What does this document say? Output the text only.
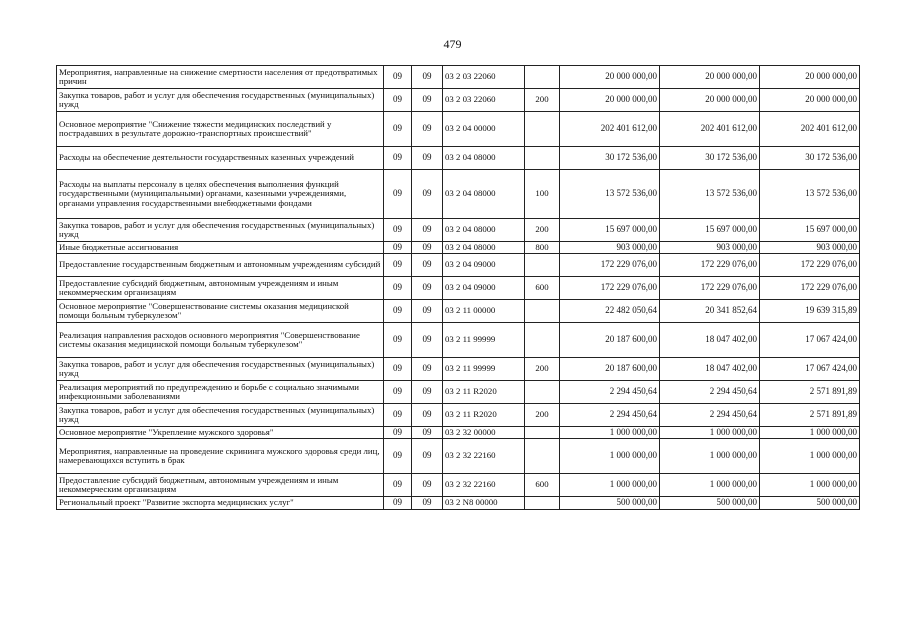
479
Мероприятия, направленные на снижение смертности населения от предотвратимых причин	09	09	03 2 03 22060		20 000 000,00	20 000 000,00	20 000 000,00
Закупка товаров, работ и услуг для обеспечения государственных (муниципальных) нужд	09	09	03 2 03 22060	200	20 000 000,00	20 000 000,00	20 000 000,00
Основное мероприятие "Снижение тяжести медицинских последствий у пострадавших в результате дорожно-транспортных происшествий"	09	09	03 2 04 00000		202 401 612,00	202 401 612,00	202 401 612,00
Расходы на обеспечение деятельности государственных казенных учреждений	09	09	03 2 04 08000		30 172 536,00	30 172 536,00	30 172 536,00
Расходы на выплаты персоналу в целях обеспечения выполнения функций государственными (муниципальными) органами, казенными учреждениями, органами управления государственными внебюджетными фондами	09	09	03 2 04 08000	100	13 572 536,00	13 572 536,00	13 572 536,00
Закупка товаров, работ и услуг для обеспечения государственных (муниципальных) нужд	09	09	03 2 04 08000	200	15 697 000,00	15 697 000,00	15 697 000,00
Иные бюджетные ассигнования	09	09	03 2 04 08000	800	903 000,00	903 000,00	903 000,00
Предоставление государственным бюджетным и автономным учреждениям субсидий	09	09	03 2 04 09000		172 229 076,00	172 229 076,00	172 229 076,00
Предоставление субсидий бюджетным, автономным учреждениям и иным некоммерческим организациям	09	09	03 2 04 09000	600	172 229 076,00	172 229 076,00	172 229 076,00
Основное мероприятие "Совершенствование системы оказания медицинской помощи больным туберкулезом"	09	09	03 2 11 00000		22 482 050,64	20 341 852,64	19 639 315,89
Реализация направления расходов основного мероприятия "Совершенствование системы оказания медицинской помощи больным туберкулезом"	09	09	03 2 11 99999		20 187 600,00	18 047 402,00	17 067 424,00
Закупка товаров, работ и услуг для обеспечения государственных (муниципальных) нужд	09	09	03 2 11 99999	200	20 187 600,00	18 047 402,00	17 067 424,00
Реализация мероприятий по предупреждению и борьбе с социально значимыми инфекционными заболеваниями	09	09	03 2 11 R2020		2 294 450,64	2 294 450,64	2 571 891,89
Закупка товаров, работ и услуг для обеспечения государственных (муниципальных) нужд	09	09	03 2 11 R2020	200	2 294 450,64	2 294 450,64	2 571 891,89
Основное мероприятие "Укрепление мужского здоровья"	09	09	03 2 32 00000		1 000 000,00	1 000 000,00	1 000 000,00
Мероприятия, направленные на проведение скрининга мужского здоровья среди лиц, намеревающихся вступить в брак	09	09	03 2 32 22160		1 000 000,00	1 000 000,00	1 000 000,00
Предоставление субсидий бюджетным, автономным учреждениям и иным некоммерческим организациям	09	09	03 2 32 22160	600	1 000 000,00	1 000 000,00	1 000 000,00
Региональный проект "Развитие экспорта медицинских услуг"	09	09	03 2 N8 00000		500 000,00	500 000,00	500 000,00
